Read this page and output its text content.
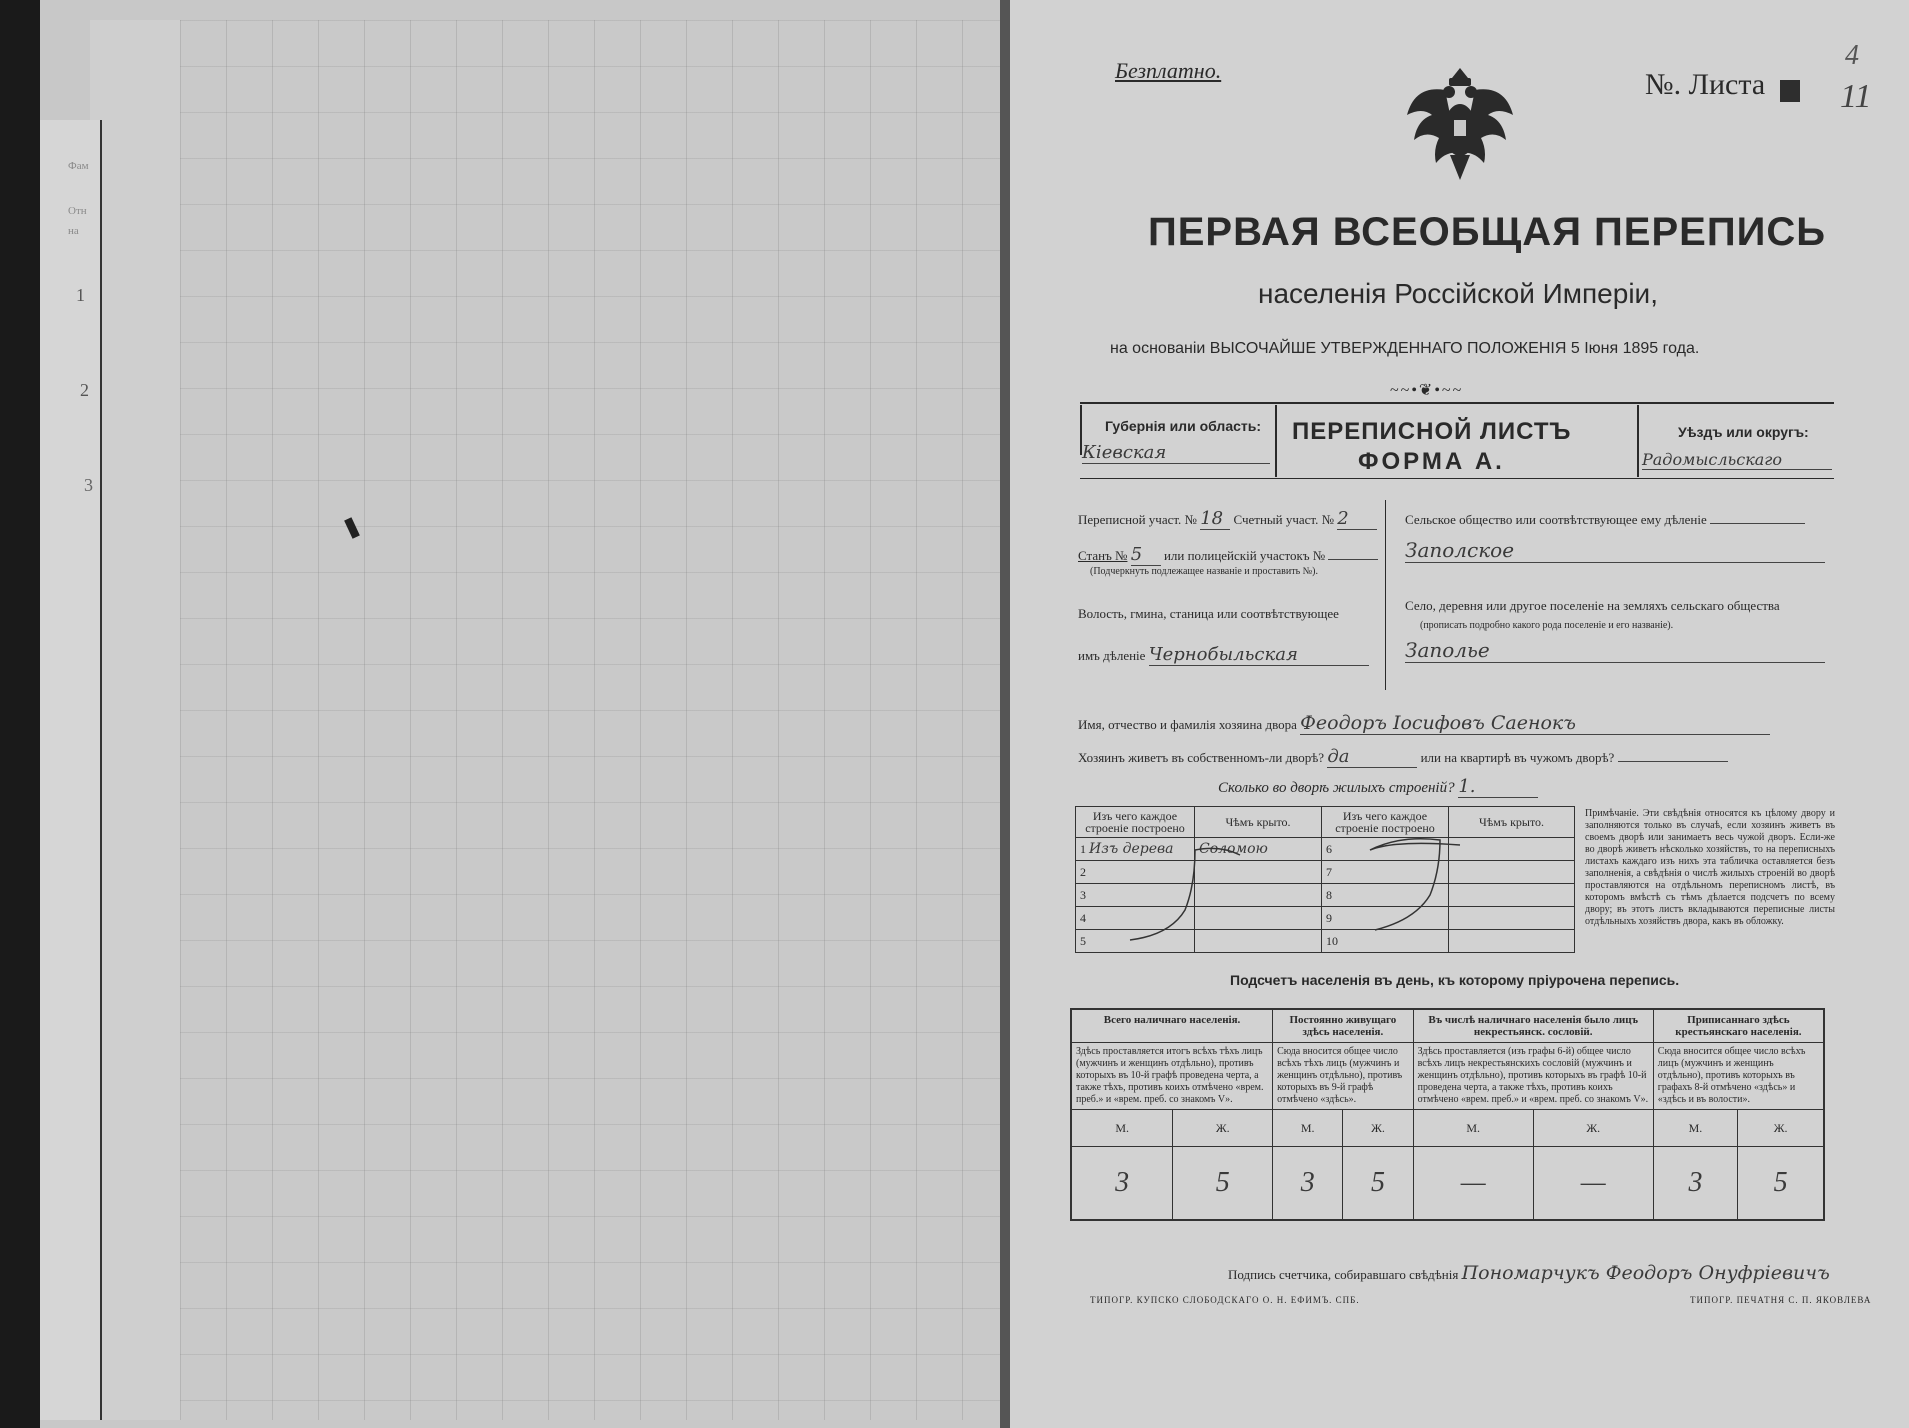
Фам
Отн
на
1
2
3
Безплатно.	№. Листа 11
4
ПЕРВАЯ ВСЕОБЩАЯ ПЕРЕПИСЬ
населенія Россійской Имперіи,
на основаніи ВЫСОЧАЙШЕ УТВЕРЖДЕННАГО ПОЛОЖЕНІЯ 5 Іюня 1895 года.
~~•❦•~~
Губернія или область:
Кіевская
ПЕРЕПИСНОЙ ЛИСТЪ
ФОРМА А.
Уѣздъ или округъ:
Радомысльскаго
Переписной участ. № 18 Счетный участ. № 2
Станъ № 5 или полицейскій участокъ №
(Подчеркнуть подлежащее названіе и проставить №).
Волость, гмина, станица или соотвѣтствующее
имъ дѣленіе Чернобыльская
Сельское общество или соотвѣтствующее ему дѣленіе
Заполское
Село, деревня или другое поселеніе на земляхъ сельскаго общества
(прописать подробно какого рода поселеніе и его названіе).
Заполье
Имя, отчество и фамилія хозяина двора Феодоръ Іосифовъ Саенокъ
Хозяинъ живетъ въ собственномъ-ли дворѣ? да	или на квартирѣ въ чужомъ дворѣ?
Сколько во дворѣ жилыхъ строеній? 1.
Изъ чего каждое строеніе построено	Чѣмъ крыто.	Изъ чего каждое строеніе построено	Чѣмъ крыто.
1 Изъ дерева	Соломою	6	
2		7	
3		8	
4		9	
5		10	
Примѣчаніе. Эти свѣдѣнія относятся къ цѣлому двору и заполняются только въ случаѣ, если хозяинъ живетъ въ своемъ дворѣ или занимаетъ весь чужой дворъ. Если-же во дворѣ живетъ нѣсколько хозяйствъ, то на переписныхъ листахъ каждаго изъ нихъ эта табличка оставляется безъ заполненія, а свѣдѣнія о числѣ жилыхъ строеній во дворѣ проставляются на отдѣльномъ переписномъ листѣ, въ которомъ вмѣстѣ съ тѣмъ дѣлается подсчетъ по всему двору; въ этотъ листъ вкладываются переписные листы отдѣльныхъ хозяйствъ двора, какъ въ обложку.
Подсчетъ населенія въ день, къ которому пріурочена перепись.
Всего наличнаго населенія.		Постоянно живущаго здѣсь населенія.		Въ числѣ наличнаго населенія было лицъ некрестьянск. сословій.		Приписаннаго здѣсь крестьянскаго населенія.	
Здѣсь проставляется итогъ всѣхъ тѣхъ лицъ (мужчинъ и женщинъ отдѣльно), противъ которыхъ въ 10-й графѣ проведена черта, а также тѣхъ, противъ коихъ отмѣчено «врем. преб.» и «врем. преб. со знакомъ V».		Сюда вносится общее число всѣхъ тѣхъ лицъ (мужчинъ и женщинъ отдѣльно), противъ которыхъ въ 9-й графѣ отмѣчено «здѣсь».		Здѣсь проставляется (изъ графы 6-й) общее число всѣхъ лицъ некрестьянскихъ сословій (мужчинъ и женщинъ отдѣльно), противъ которыхъ въ графѣ 10-й проведена черта, а также тѣхъ, противъ коихъ отмѣчено «врем. преб.» и «врем. преб. со знакомъ V».		Сюда вносится общее число всѣхъ лицъ (мужчинъ и женщинъ отдѣльно), противъ которыхъ въ графахъ 8-й отмѣчено «здѣсь» и «здѣсь и въ волости».	
М.	Ж.	М.	Ж.	М.	Ж.	М.	Ж.
3	5	3	5	—	—	3	5
Подпись счетчика, собиравшаго свѣдѣнія Пономарчукъ Феодоръ Онуфріевичъ
ТИПОГР. КУПСКО СЛОБОДСКАГО О. Н. ЕФИМЪ. СПБ.	ТИПОГР. ПЕЧАТНЯ С. П. ЯКОВЛЕВА
